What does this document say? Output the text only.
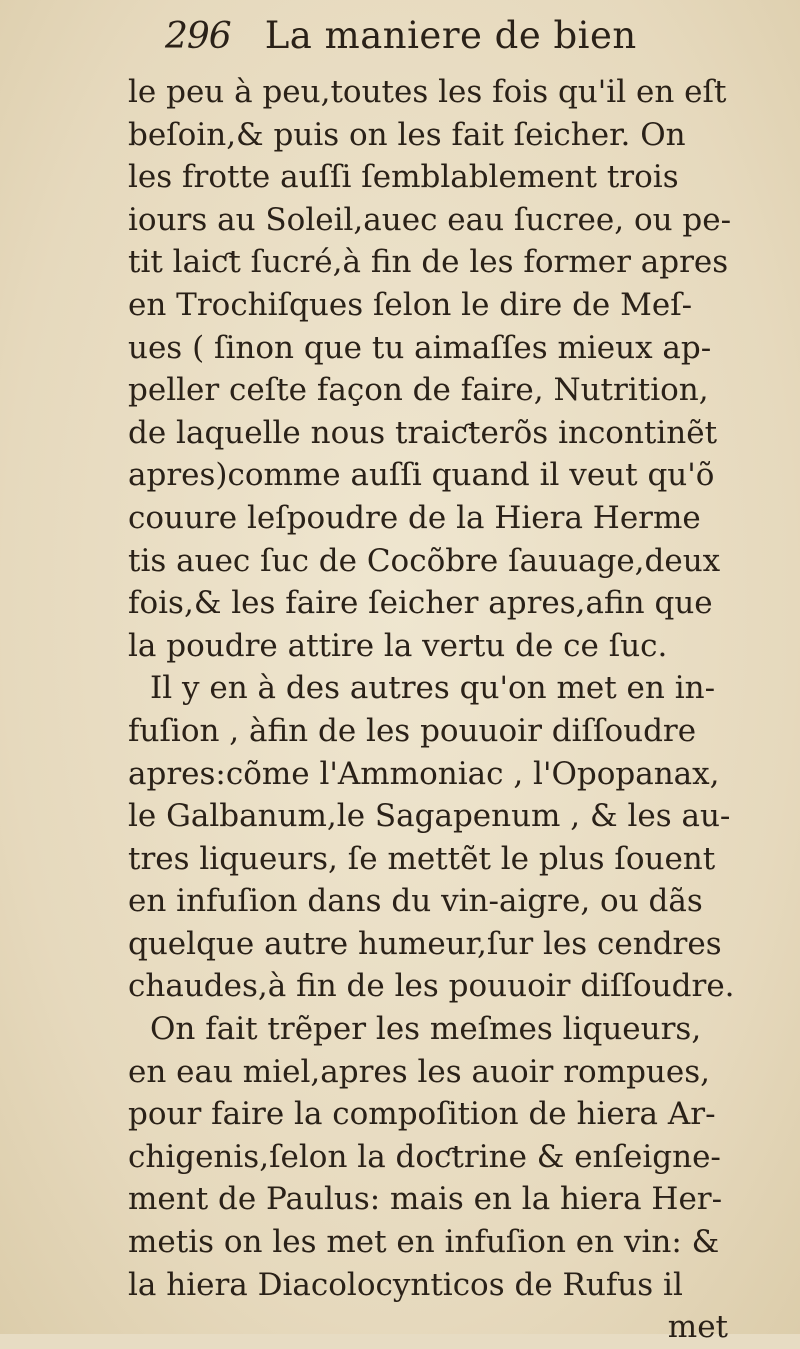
296 La maniere de bien
le peu à peu,toutes les fois qu'il en eſt
beſoin,& puis on les fait ſeicher. On
les frotte auſſi ſemblablement trois
iours au Soleil,auec eau ſucree, ou pe-
tit laiƈt ſucré,à fin de les former apres
en Trochiſques ſelon le dire de Meſ-
ues ( ſinon que tu aimaſſes mieux ap-
peller ceſte façon de faire, Nutrition,
de laquelle nous traiƈterõs incontinẽt
apres)comme auſſi quand il veut qu'õ
couure leſpoudre de la Hiera Herme
tis auec ſuc de Cocõbre ſauuage,deux
fois,& les faire ſeicher apres,afin que
la poudre attire la vertu de ce ſuc.
Il y en à des autres qu'on met en in-
fuſion , àfin de les pouuoir diſſoudre
apres:cõme l'Ammoniac , l'Opopanax,
le Galbanum,le Sagapenum , & les au-
tres liqueurs, ſe mettẽt le plus ſouent
en infuſion dans du vin-aigre, ou dãs
quelque autre humeur,ſur les cendres
chaudes,à fin de les pouuoir diſſoudre.
On fait trẽper les meſmes liqueurs,
en eau miel,apres les auoir rompues,
pour faire la compoſition de hiera Ar-
chigenis,ſelon la doƈtrine & enſeigne-
ment de Paulus: mais en la hiera Her-
metis on les met en infuſion en vin: &
la hiera Diacolocynticos de Rufus il
met
